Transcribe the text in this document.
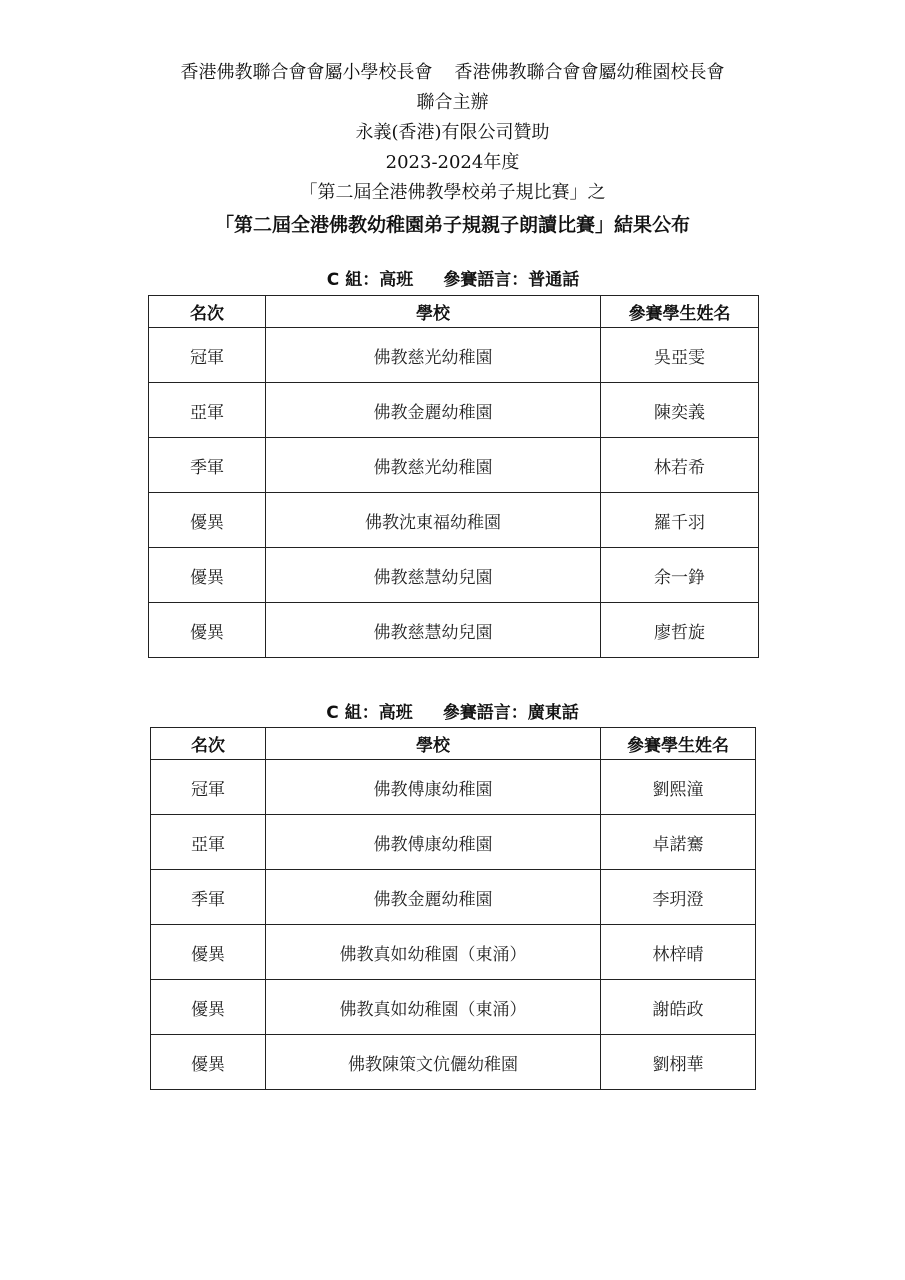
香港佛教聯合會會屬小學校長會 香港佛教聯合會會屬幼稚園校長會
聯合主辦
永義(香港)有限公司贊助
2023-2024年度
「第二屆全港佛教學校弟子規比賽」之
「第二屆全港佛教幼稚園弟子規親子朗讀比賽」結果公布
C 組：高班 參賽語言：普通話
名次	學校	參賽學生姓名
冠軍	佛教慈光幼稚園	吳亞雯
亞軍	佛教金麗幼稚園	陳奕義
季軍	佛教慈光幼稚園	林若希
優異	佛教沈東福幼稚園	羅千羽
優異	佛教慈慧幼兒園	余一錚
優異	佛教慈慧幼兒園	廖哲旋
C 組：高班 參賽語言：廣東話
名次	學校	參賽學生姓名
冠軍	佛教傅康幼稚園	劉熙潼
亞軍	佛教傅康幼稚園	卓諾騫
季軍	佛教金麗幼稚園	李玥澄
優異	佛教真如幼稚園（東涌）	林梓晴
優異	佛教真如幼稚園（東涌）	謝皓政
優異	佛教陳策文伉儷幼稚園	劉栩華
